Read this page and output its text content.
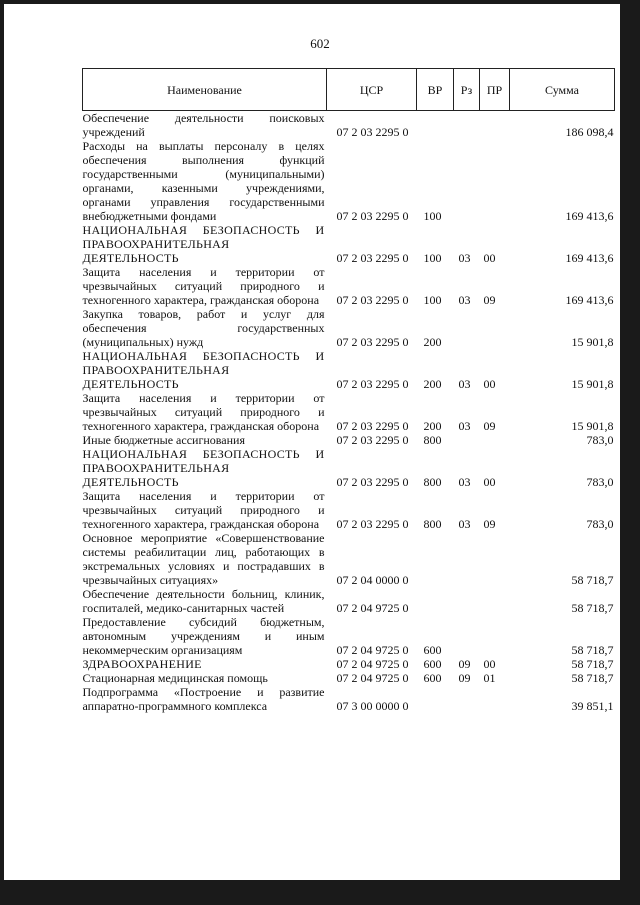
602
Наименование	ЦСР	ВР	Рз	ПР	Сумма
Обеспечение деятельности поисковых учреждений	07 2 03 2295 0				186 098,4
Расходы на выплаты персоналу в целях обеспечения выполнения функций государственными (муниципальными) органами, казенными учреждениями, органами управления государственными внебюджетными фондами	07 2 03 2295 0	100			169 413,6
НАЦИОНАЛЬНАЯ БЕЗОПАСНОСТЬ И ПРАВООХРАНИТЕЛЬНАЯ ДЕЯТЕЛЬНОСТЬ	07 2 03 2295 0	100	03	00	169 413,6
Защита населения и территории от чрезвычайных ситуаций природного и техногенного характера, гражданская оборона	07 2 03 2295 0	100	03	09	169 413,6
Закупка товаров, работ и услуг для обеспечения государственных (муниципальных) нужд	07 2 03 2295 0	200			15 901,8
НАЦИОНАЛЬНАЯ БЕЗОПАСНОСТЬ И ПРАВООХРАНИТЕЛЬНАЯ ДЕЯТЕЛЬНОСТЬ	07 2 03 2295 0	200	03	00	15 901,8
Защита населения и территории от чрезвычайных ситуаций природного и техногенного характера, гражданская оборона	07 2 03 2295 0	200	03	09	15 901,8
Иные бюджетные ассигнования	07 2 03 2295 0	800			783,0
НАЦИОНАЛЬНАЯ БЕЗОПАСНОСТЬ И ПРАВООХРАНИТЕЛЬНАЯ ДЕЯТЕЛЬНОСТЬ	07 2 03 2295 0	800	03	00	783,0
Защита населения и территории от чрезвычайных ситуаций природного и техногенного характера, гражданская оборона	07 2 03 2295 0	800	03	09	783,0
Основное мероприятие «Совершенствование системы реабилитации лиц, работающих в экстремальных условиях и пострадавших в чрезвычайных ситуациях»	07 2 04 0000 0				58 718,7
Обеспечение деятельности больниц, клиник, госпиталей, медико-санитарных частей	07 2 04 9725 0				58 718,7
Предоставление субсидий бюджетным, автономным учреждениям и иным некоммерческим организациям	07 2 04 9725 0	600			58 718,7
ЗДРАВООХРАНЕНИЕ	07 2 04 9725 0	600	09	00	58 718,7
Стационарная медицинская помощь	07 2 04 9725 0	600	09	01	58 718,7
Подпрограмма «Построение и развитие аппаратно-программного комплекса	07 3 00 0000 0				39 851,1
